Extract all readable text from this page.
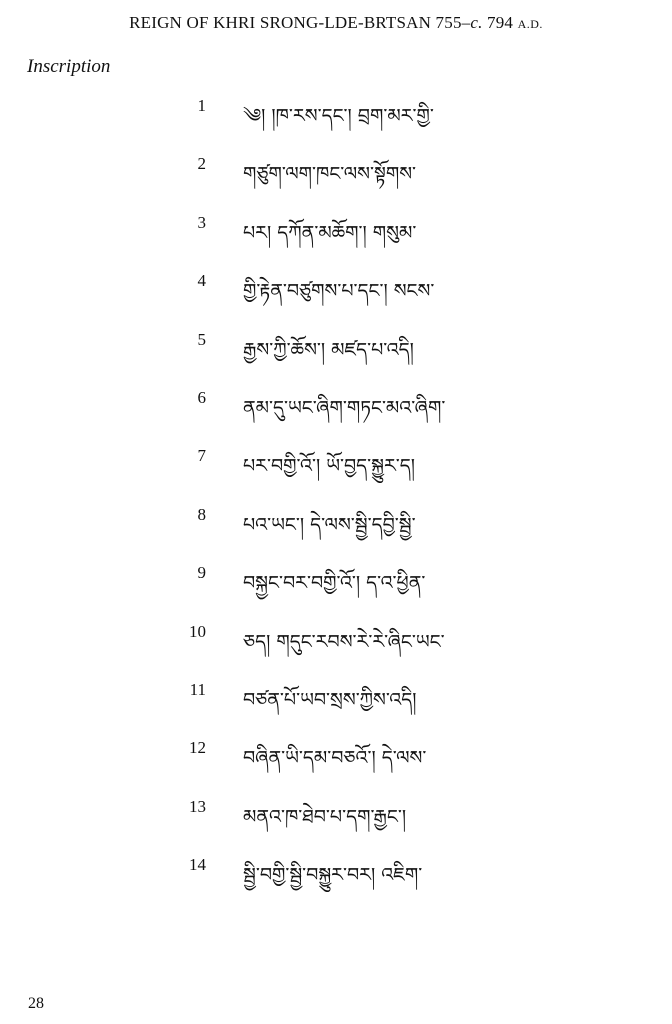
REIGN OF KHRI SRONG-LDE-BRTSAN 755–c. 794 A.D.
Inscription
1 ༄། །ཁ་རས་དང་། བྲག་མར་གྱི་
2 གཙུག་ལག་ཁང་ལས་སྟོགས་
3 པར། དཀོན་མཆོག་། གསུམ་
4 གྱི་རྟེན་བཙུགས་པ་དང་། སངས་
5 རྒྱས་ཀྱི་ཆོས་། མཛད་པ་འདི།
6 ནམ་དུ་ཡང་ཞིག་གཏང་མའ་ཞིག་
7 པར་བགྱི་འོ་། ཡོ་བྱད་སྐྱུར་ད།
8 པའ་ཡང་། དེ་ལས་སྦྱི་དབྱི་སྦྱི་
9 བསྐྱང་བར་བགྱི་འོ་། ད་འ་ཕྱིན་
10 ཅད། གདུང་རབས་རེ་རེ་ཞིང་ཡང་
11 བཙན་པོ་ཡབ་སྲས་ཀྱིས་འདི།
12 བཞིན་ཡི་དམ་བཅའོ་། དེ་ལས་
13 མནའ་ཁ་ཐེབ་པ་དག་རྒྱང་།
14 སྦྱི་བགྱི་སྦྱི་བསྐྱུར་བར། འཇིག་
28
